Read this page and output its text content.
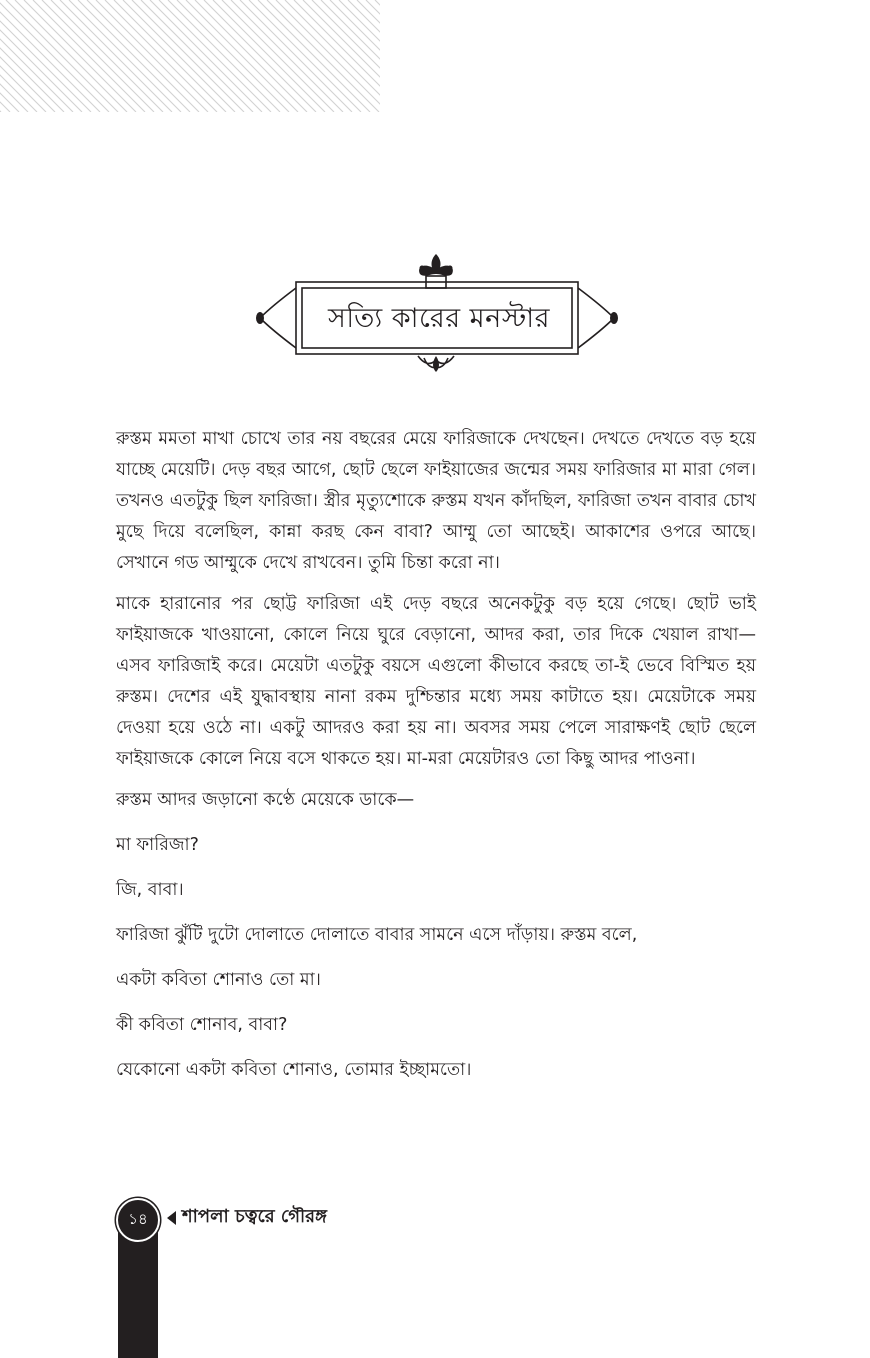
সত্যি কারের মনস্টার

রুস্তম মমতা মাখা চোখে তার নয় বছরের মেয়ে ফারিজাকে দেখছেন। দেখতে দেখতে বড় হয়ে যাচ্ছে মেয়েটি। দেড় বছর আগে, ছোট ছেলে ফাইয়াজের জন্মের সময় ফারিজার মা মারা গেল। তখনও এতটুকু ছিল ফারিজা। স্ত্রীর মৃত্যুশোকে রুস্তম যখন কাঁদছিল, ফারিজা তখন বাবার চোখ মুছে দিয়ে বলেছিল, কান্না করছ কেন বাবা? আম্মু তো আছেই। আকাশের ওপরে আছে। সেখানে গড আম্মুকে দেখে রাখবেন। তুমি চিন্তা করো না।

মাকে হারানোর পর ছোট্ট ফারিজা এই দেড় বছরে অনেকটুকু বড় হয়ে গেছে। ছোট ভাই ফাইয়াজকে খাওয়ানো, কোলে নিয়ে ঘুরে বেড়ানো, আদর করা, তার দিকে খেয়াল রাখা—এসব ফারিজাই করে। মেয়েটা এতটুকু বয়সে এগুলো কীভাবে করছে তা-ই ভেবে বিস্মিত হয় রুস্তম। দেশের এই যুদ্ধাবস্থায় নানা রকম দুশ্চিন্তার মধ্যে সময় কাটাতে হয়। মেয়েটাকে সময় দেওয়া হয়ে ওঠে না। একটু আদরও করা হয় না। অবসর সময় পেলে সারাক্ষণই ছোট ছেলে ফাইয়াজকে কোলে নিয়ে বসে থাকতে হয়। মা-মরা মেয়েটারও তো কিছু আদর পাওনা।

রুস্তম আদর জড়ানো কণ্ঠে মেয়েকে ডাকে—

মা ফারিজা?

জি, বাবা।

ফারিজা ঝুঁটি দুটো দোলাতে দোলাতে বাবার সামনে এসে দাঁড়ায়। রুস্তম বলে,

একটা কবিতা শোনাও তো মা।

কী কবিতা শোনাব, বাবা?

যেকোনো একটা কবিতা শোনাও, তোমার ইচ্ছামতো।

১৪	শাপলা চত্বরে গৌরঙ্গ
